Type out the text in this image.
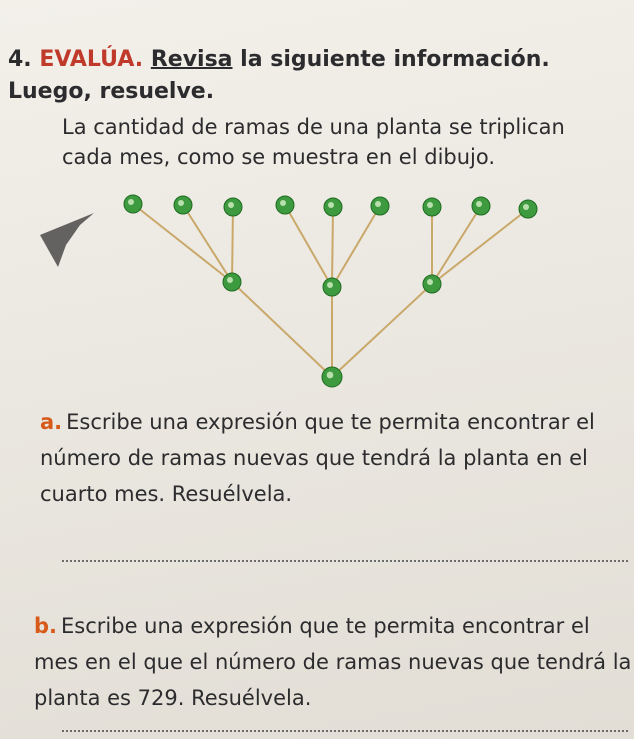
4. EVALÚA. Revisa la siguiente información. Luego, resuelve.
La cantidad de ramas de una planta se triplican cada mes, como se muestra en el dibujo.
a. Escribe una expresión que te permita encontrar el número de ramas nuevas que tendrá la planta en el cuarto mes. Resuélvela.
b. Escribe una expresión que te permita encontrar el mes en el que el número de ramas nuevas que tendrá la planta es 729. Resuélvela.
